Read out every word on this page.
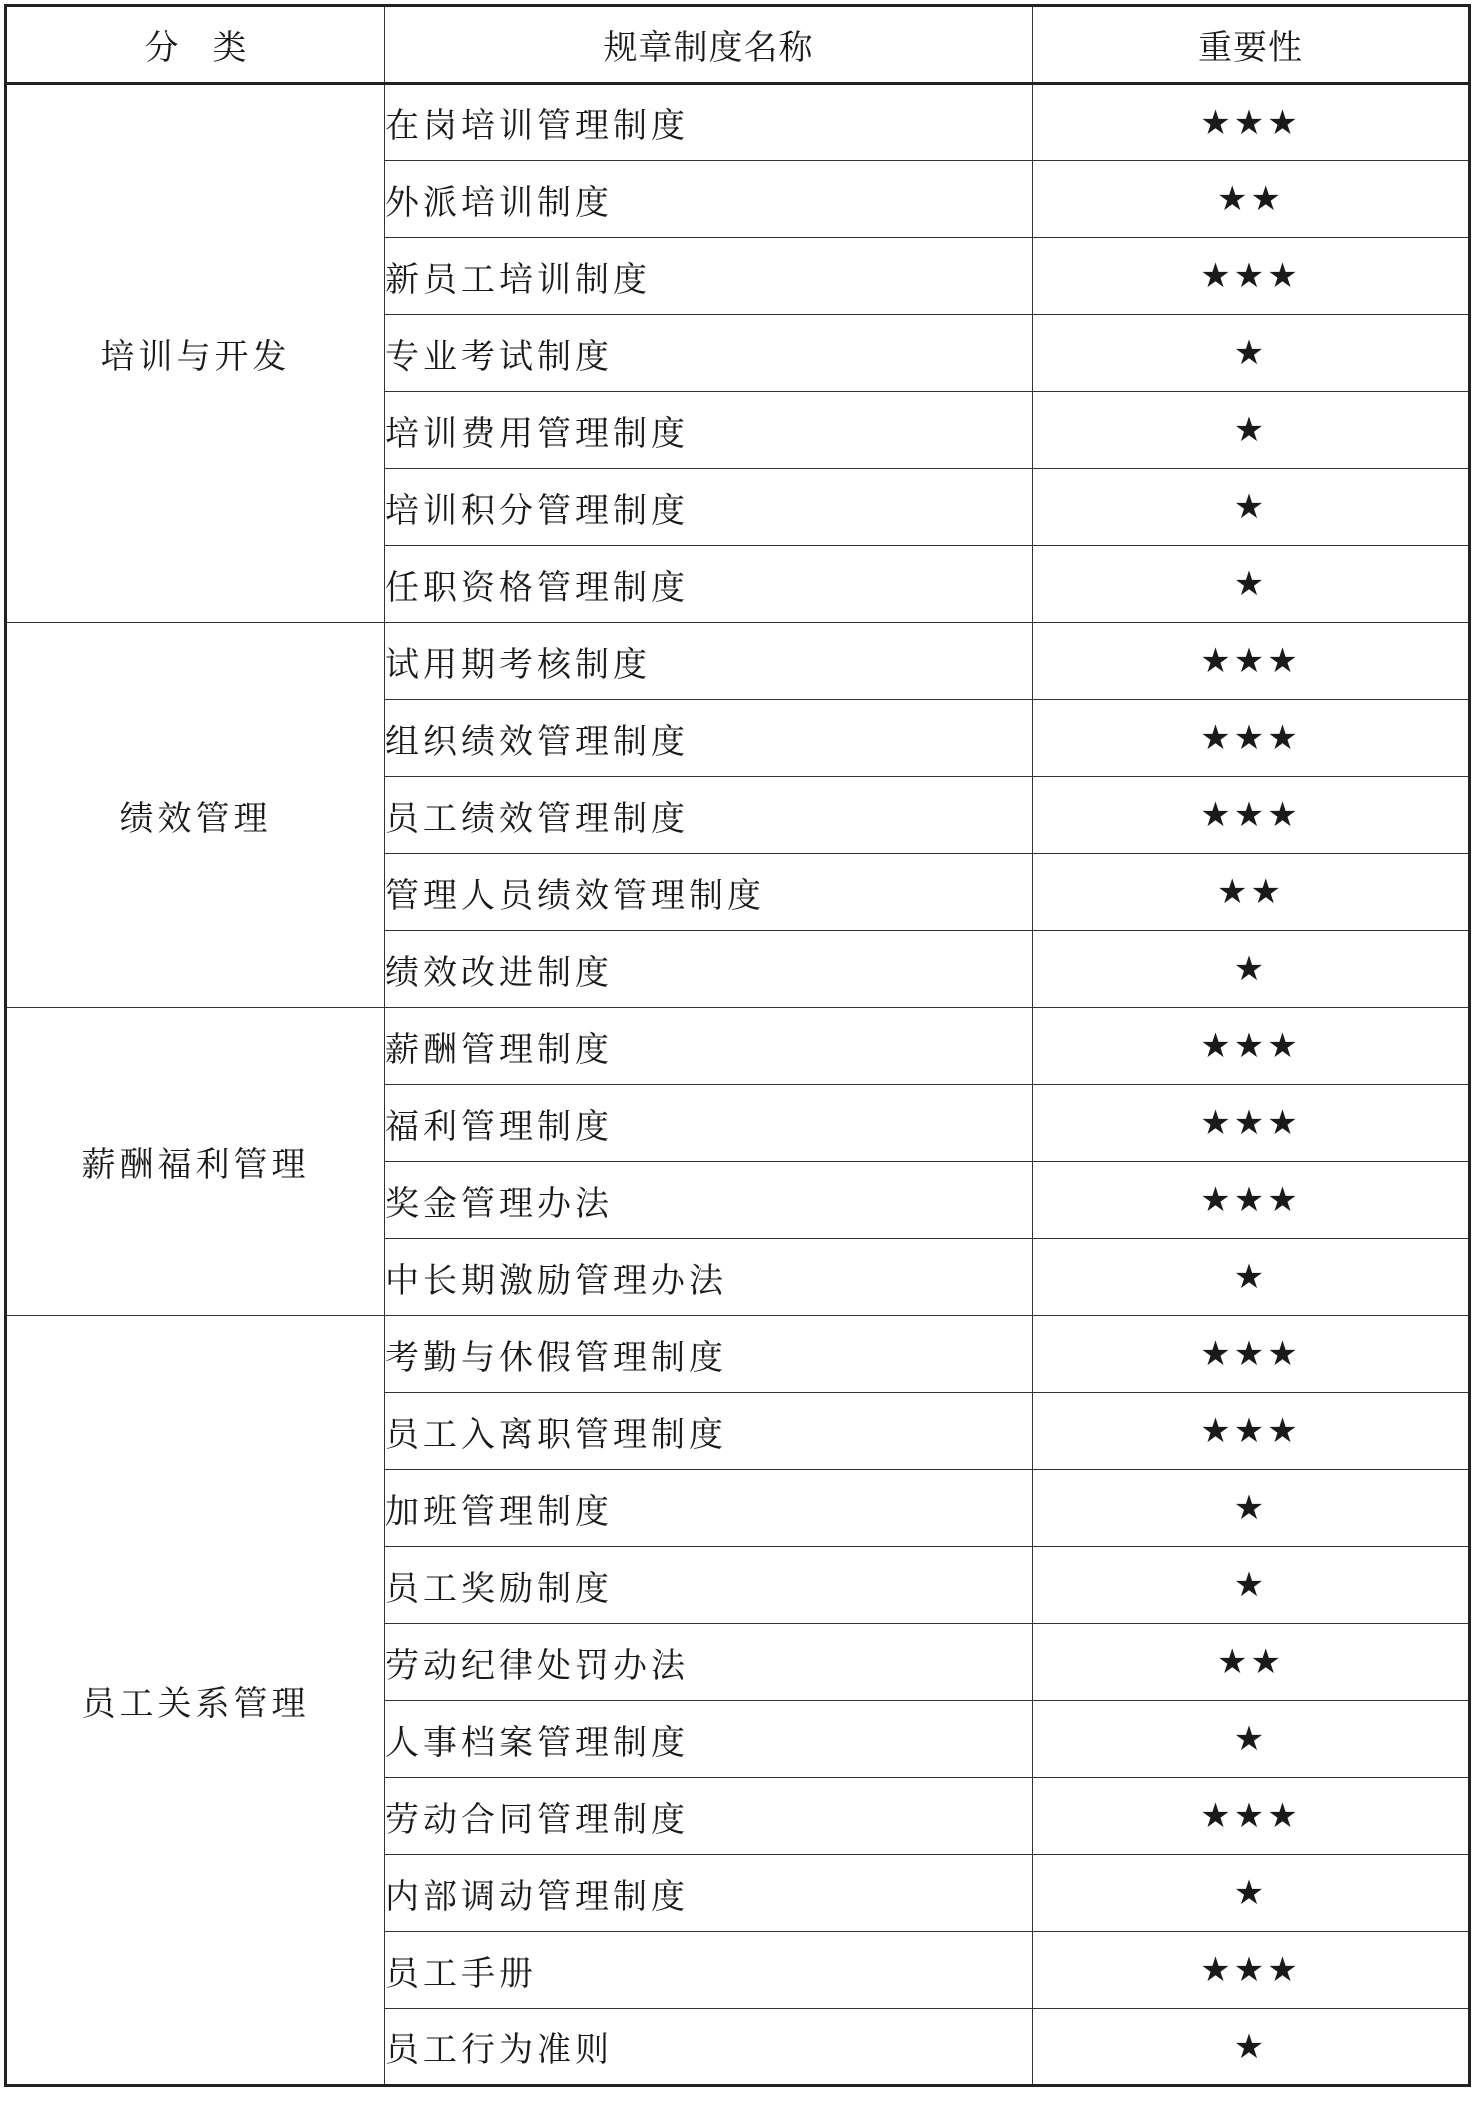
分　类	规章制度名称	重要性
培训与开发	在岗培训管理制度	★★★
	外派培训制度	★★
	新员工培训制度	★★★
	专业考试制度	★
	培训费用管理制度	★
	培训积分管理制度	★
	任职资格管理制度	★
绩效管理	试用期考核制度	★★★
	组织绩效管理制度	★★★
	员工绩效管理制度	★★★
	管理人员绩效管理制度	★★
	绩效改进制度	★
薪酬福利管理	薪酬管理制度	★★★
	福利管理制度	★★★
	奖金管理办法	★★★
	中长期激励管理办法	★
员工关系管理	考勤与休假管理制度	★★★
	员工入离职管理制度	★★★
	加班管理制度	★
	员工奖励制度	★
	劳动纪律处罚办法	★★
	人事档案管理制度	★
	劳动合同管理制度	★★★
	内部调动管理制度	★
	员工手册	★★★
	员工行为准则	★
